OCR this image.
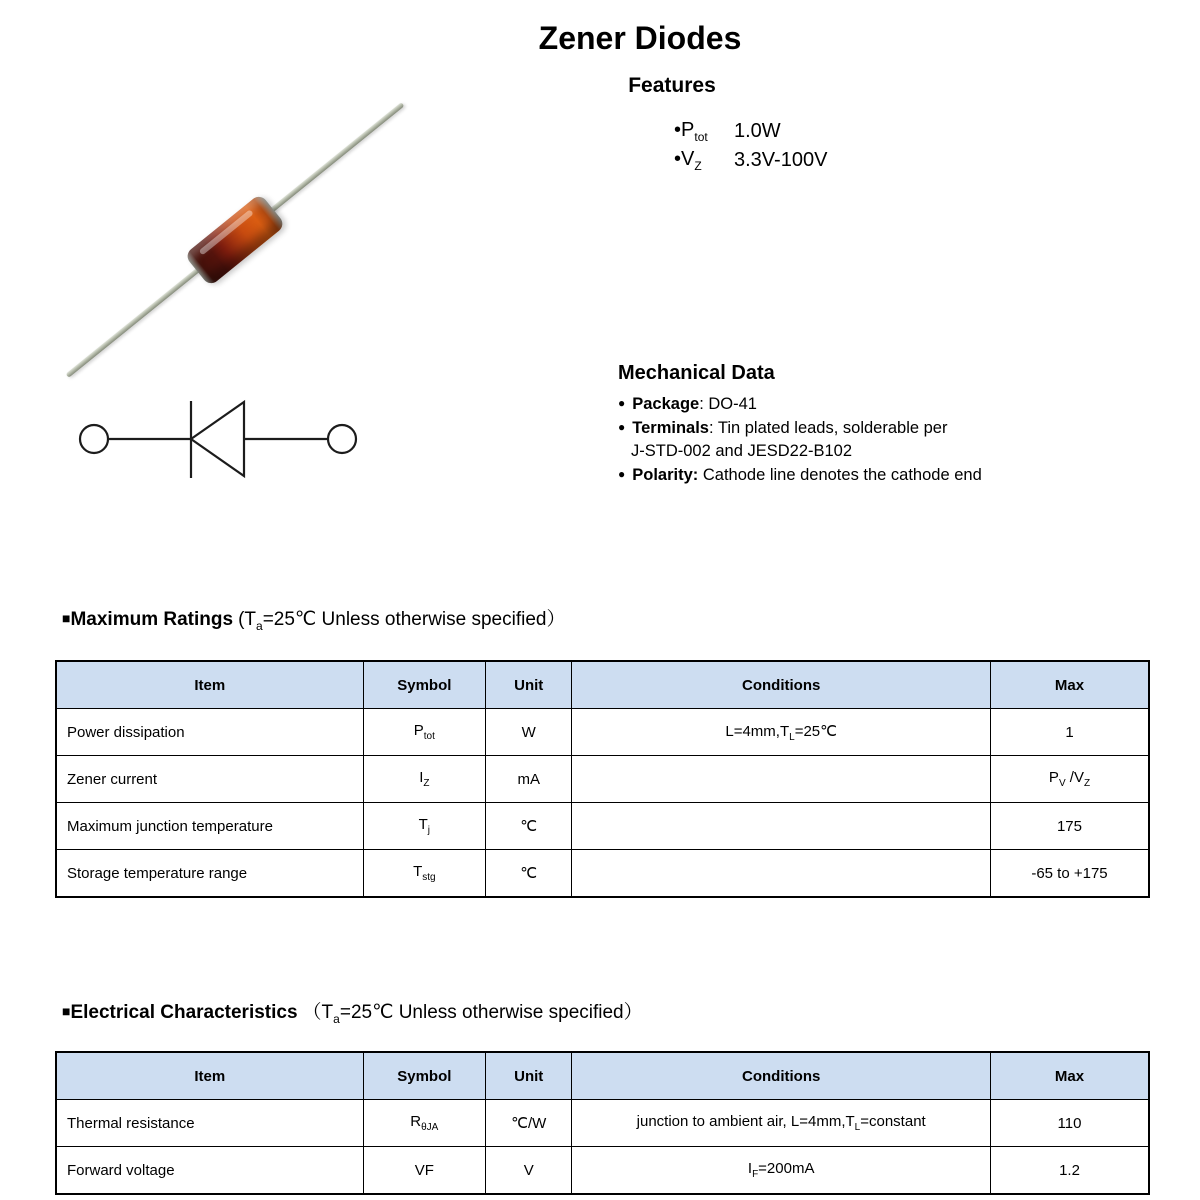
Zener Diodes
Features
$•P_{tot}$	1.0W
$•V_Z$	3.3V-100V
Mechanical Data
● Package: DO-41
● Terminals: Tin plated leads, solderable per
J-STD-002 and JESD22-B102
● Polarity: Cathode line denotes the cathode end
■Maximum Ratings ($T_a=25℃$ Unless otherwise specified）
Item	Symbol	Unit	Conditions	Max
Power dissipation	$P_{tot}$	W	$L=4mm,T_L=25℃$	1
Zener current	$I_Z$	mA		$P_V$ $/V_Z$
Maximum junction temperature	$T_j$	℃		175
Storage temperature range	$T_{stg}$	℃		-65 to +175
■Electrical Characteristics （$T_a=25℃$ Unless otherwise specified）
Item	Symbol	Unit	Conditions	Max
Thermal resistance	$R_{\theta JA}$	℃/W	junction to ambient air, $L=4mm,T_L=constant$	110
Forward voltage	VF	V	$I_F=200mA$	1.2
